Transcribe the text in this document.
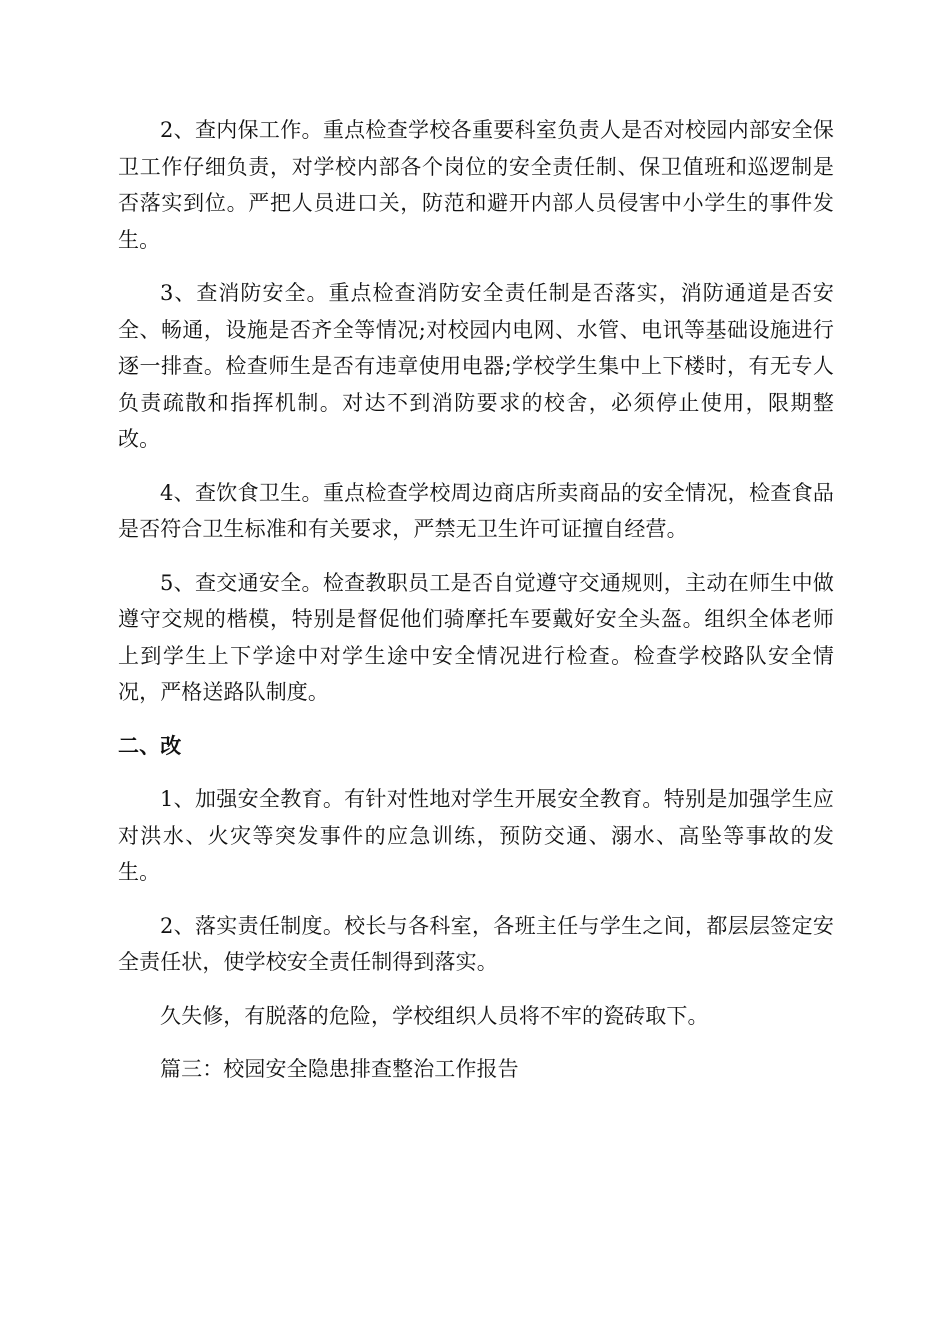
2、查内保工作。重点检查学校各重要科室负责人是否对校园内部安全保卫工作仔细负责，对学校内部各个岗位的安全责任制、保卫值班和巡逻制是否落实到位。严把人员进口关，防范和避开内部人员侵害中小学生的事件发生。

3、查消防安全。重点检查消防安全责任制是否落实，消防通道是否安全、畅通，设施是否齐全等情况;对校园内电网、水管、电讯等基础设施进行逐一排查。检查师生是否有违章使用电器;学校学生集中上下楼时，有无专人负责疏散和指挥机制。对达不到消防要求的校舍，必须停止使用，限期整改。

4、查饮食卫生。重点检查学校周边商店所卖商品的安全情况，检查食品是否符合卫生标准和有关要求，严禁无卫生许可证擅自经营。

5、查交通安全。检查教职员工是否自觉遵守交通规则，主动在师生中做遵守交规的楷模，特别是督促他们骑摩托车要戴好安全头盔。组织全体老师上到学生上下学途中对学生途中安全情况进行检查。检查学校路队安全情况，严格送路队制度。

二、改

1、加强安全教育。有针对性地对学生开展安全教育。特别是加强学生应对洪水、火灾等突发事件的应急训练，预防交通、溺水、高坠等事故的发生。

2、落实责任制度。校长与各科室，各班主任与学生之间，都层层签定安全责任状，使学校安全责任制得到落实。

久失修，有脱落的危险，学校组织人员将不牢的瓷砖取下。

篇三：校园安全隐患排查整治工作报告
